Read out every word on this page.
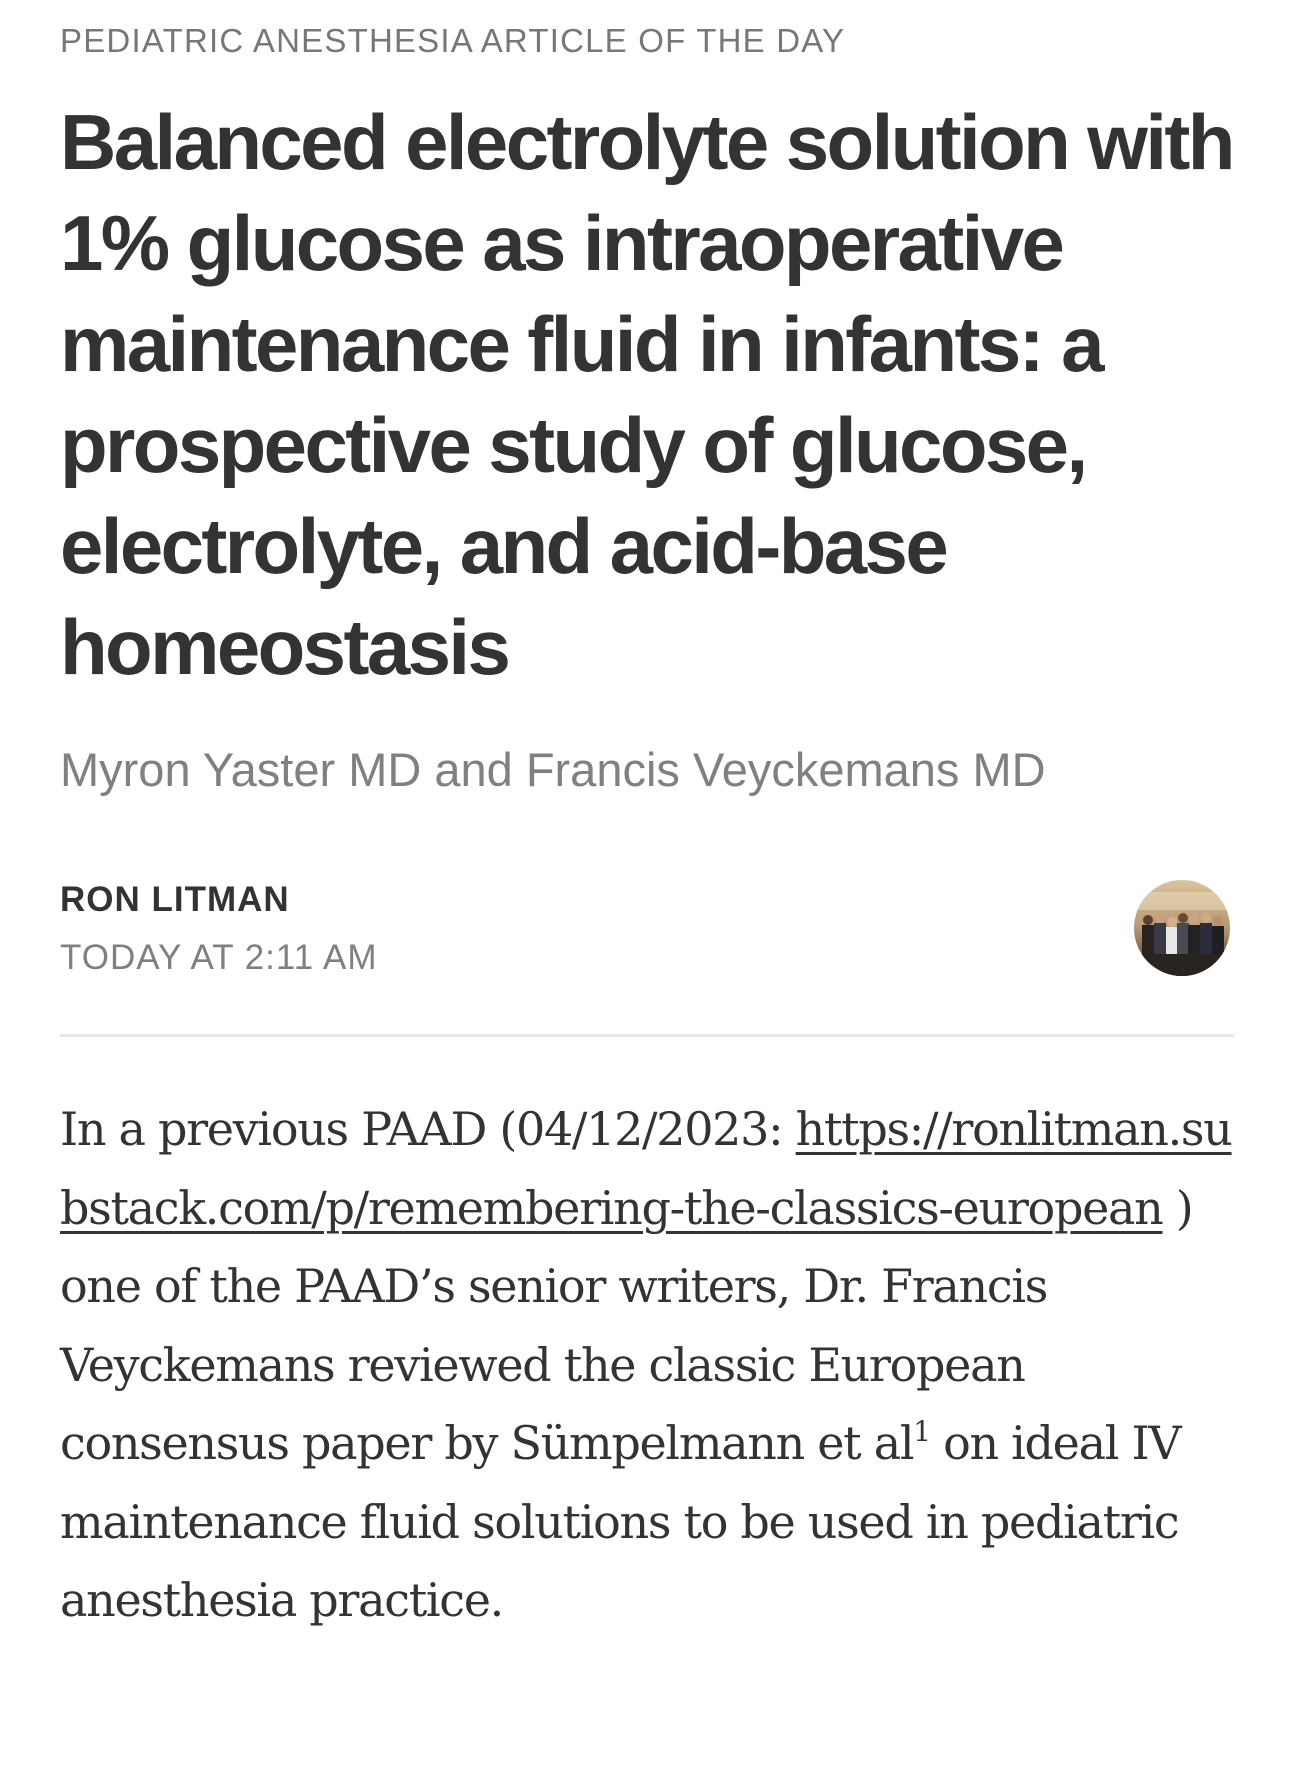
PEDIATRIC ANESTHESIA ARTICLE OF THE DAY
Balanced electrolyte solution with 1% glucose as intraoperative maintenance fluid in infants: a prospective study of glucose, electrolyte, and acid-base homeostasis
Myron Yaster MD and Francis Veyckemans MD
RON LITMAN
TODAY AT 2:11 AM

In a previous PAAD (04/12/2023: https://ronlitman.substack.com/p/remembering-the-classics-european ) one of the PAAD’s senior writers, Dr. Francis Veyckemans reviewed the classic European consensus paper by Sümpelmann et $al^1$ on ideal IV maintenance fluid solutions to be used in pediatric anesthesia practice.
